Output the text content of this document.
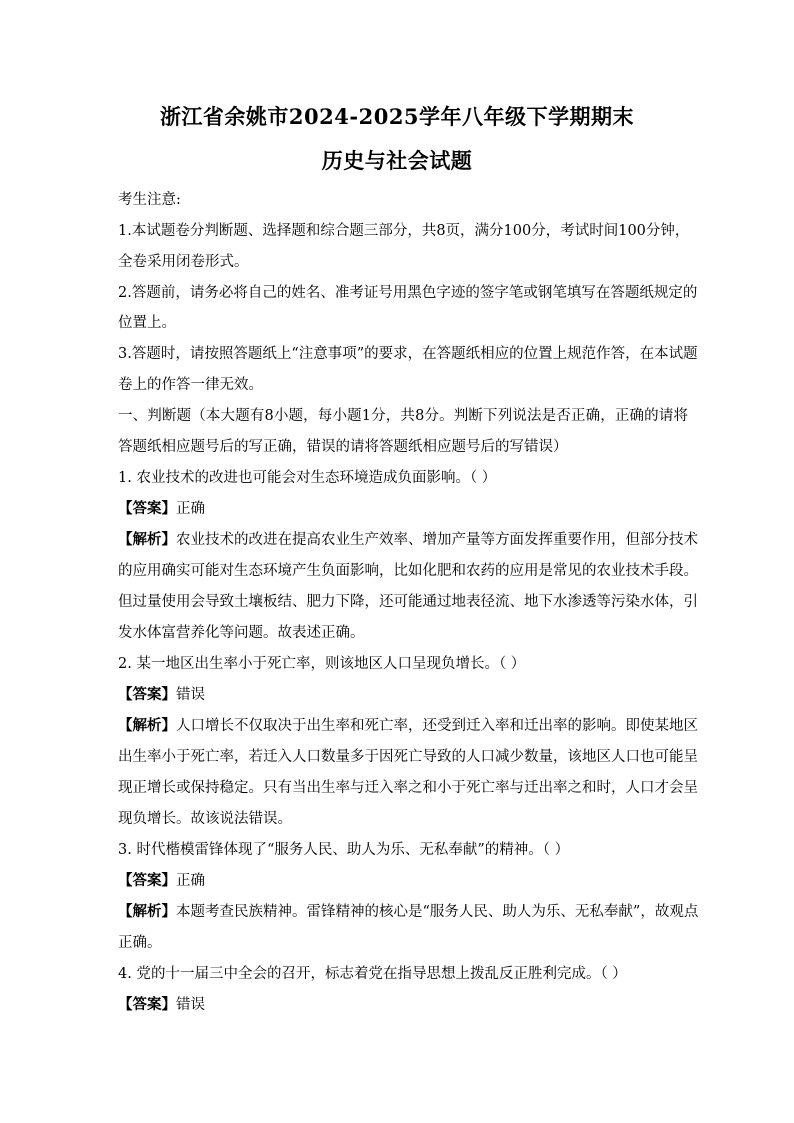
浙江省余姚市2024-2025学年八年级下学期期末
历史与社会试题
考生注意:
1.本试题卷分判断题、选择题和综合题三部分，共8页，满分100分，考试时间100分钟，
全卷采用闭卷形式。
2.答题前，请务必将自己的姓名、准考证号用黑色字迹的签字笔或钢笔填写在答题纸规定的
位置上。
3.答题时，请按照答题纸上“注意事项”的要求，在答题纸相应的位置上规范作答，在本试题
卷上的作答一律无效。
一、判断题（本大题有8小题，每小题1分，共8分。判断下列说法是否正确，正确的请将
答题纸相应题号后的写正确，错误的请将答题纸相应题号后的写错误）
1. 农业技术的改进也可能会对生态环境造成负面影响。（ ）
【答案】正确
【解析】农业技术的改进在提高农业生产效率、增加产量等方面发挥重要作用，但部分技术
的应用确实可能对生态环境产生负面影响，比如化肥和农药的应用是常见的农业技术手段。
但过量使用会导致土壤板结、肥力下降，还可能通过地表径流、地下水渗透等污染水体，引
发水体富营养化等问题。故表述正确。
2. 某一地区出生率小于死亡率，则该地区人口呈现负增长。（ ）
【答案】错误
【解析】人口增长不仅取决于出生率和死亡率，还受到迁入率和迁出率的影响。即使某地区
出生率小于死亡率，若迁入人口数量多于因死亡导致的人口减少数量，该地区人口也可能呈
现正增长或保持稳定。只有当出生率与迁入率之和小于死亡率与迁出率之和时，人口才会呈
现负增长。故该说法错误。
3. 时代楷模雷锋体现了“服务人民、助人为乐、无私奉献”的精神。（ ）
【答案】正确
【解析】本题考查民族精神。雷锋精神的核心是“服务人民、助人为乐、无私奉献”，故观点
正确。
4. 党的十一届三中全会的召开，标志着党在指导思想上拨乱反正胜利完成。（ ）
【答案】错误
